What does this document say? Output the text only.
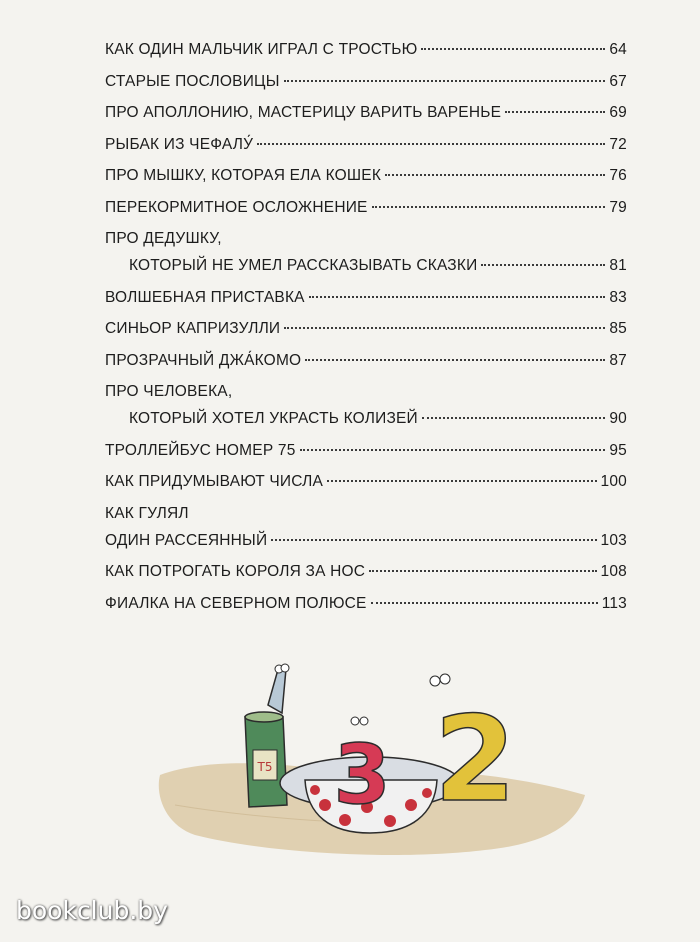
КАК ОДИН МАЛЬЧИК ИГРАЛ С ТРОСТЬЮ	64
СТАРЫЕ ПОСЛОВИЦЫ	67
ПРО АПОЛЛОНИЮ, МАСТЕРИЦУ ВАРИТЬ ВАРЕНЬЕ	69
РЫБАК ИЗ ЧЕФАЛУ́	72
ПРО МЫШКУ, КОТОРАЯ ЕЛА КОШЕК	76
ПЕРЕКОРМИТНОЕ ОСЛОЖНЕНИЕ	79
ПРО ДЕДУШКУ,
КОТОРЫЙ НЕ УМЕЛ РАССКАЗЫВАТЬ СКАЗКИ	81
ВОЛШЕБНАЯ ПРИСТАВКА	83
СИНЬОР КАПРИЗУЛЛИ	85
ПРОЗРАЧНЫЙ ДЖА́КОМО	87
ПРО ЧЕЛОВЕКА,
КОТОРЫЙ ХОТЕЛ УКРАСТЬ КОЛИЗЕЙ	90
ТРОЛЛЕЙБУС НОМЕР 75	95
КАК ПРИДУМЫВАЮТ ЧИСЛА	100
КАК ГУЛЯЛ
ОДИН РАССЕЯННЫЙ	103
КАК ПОТРОГАТЬ КОРОЛЯ ЗА НОС	108
ФИАЛКА НА СЕВЕРНОМ ПОЛЮСЕ	113
Т5 3 2
bookclub.by
